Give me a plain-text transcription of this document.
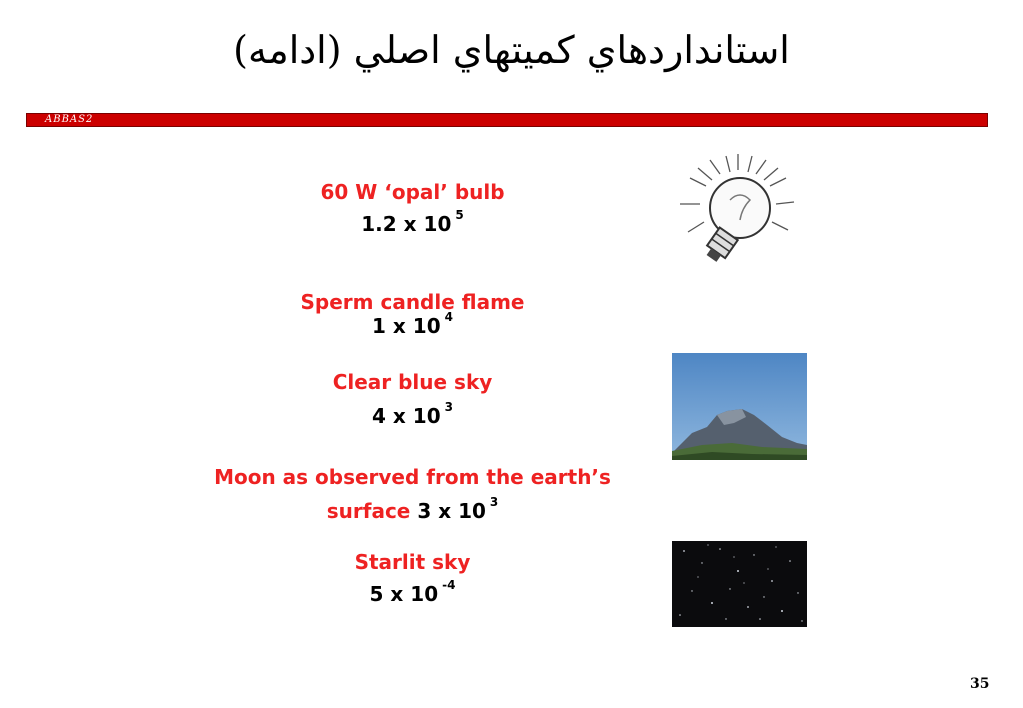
استانداردهاي كميتهاي اصلي (ادامه)
ABBAS2
60 W ‘opal’ bulb
1.2 x 10 $^5$
Sperm candle flame
1 x 10 $^4$
Clear blue sky
4 x 10 $^3$
Moon as observed from the earth’s
surface 3 x 10 $^3$
Starlit sky
5 x 10 $^{-4}$
35
